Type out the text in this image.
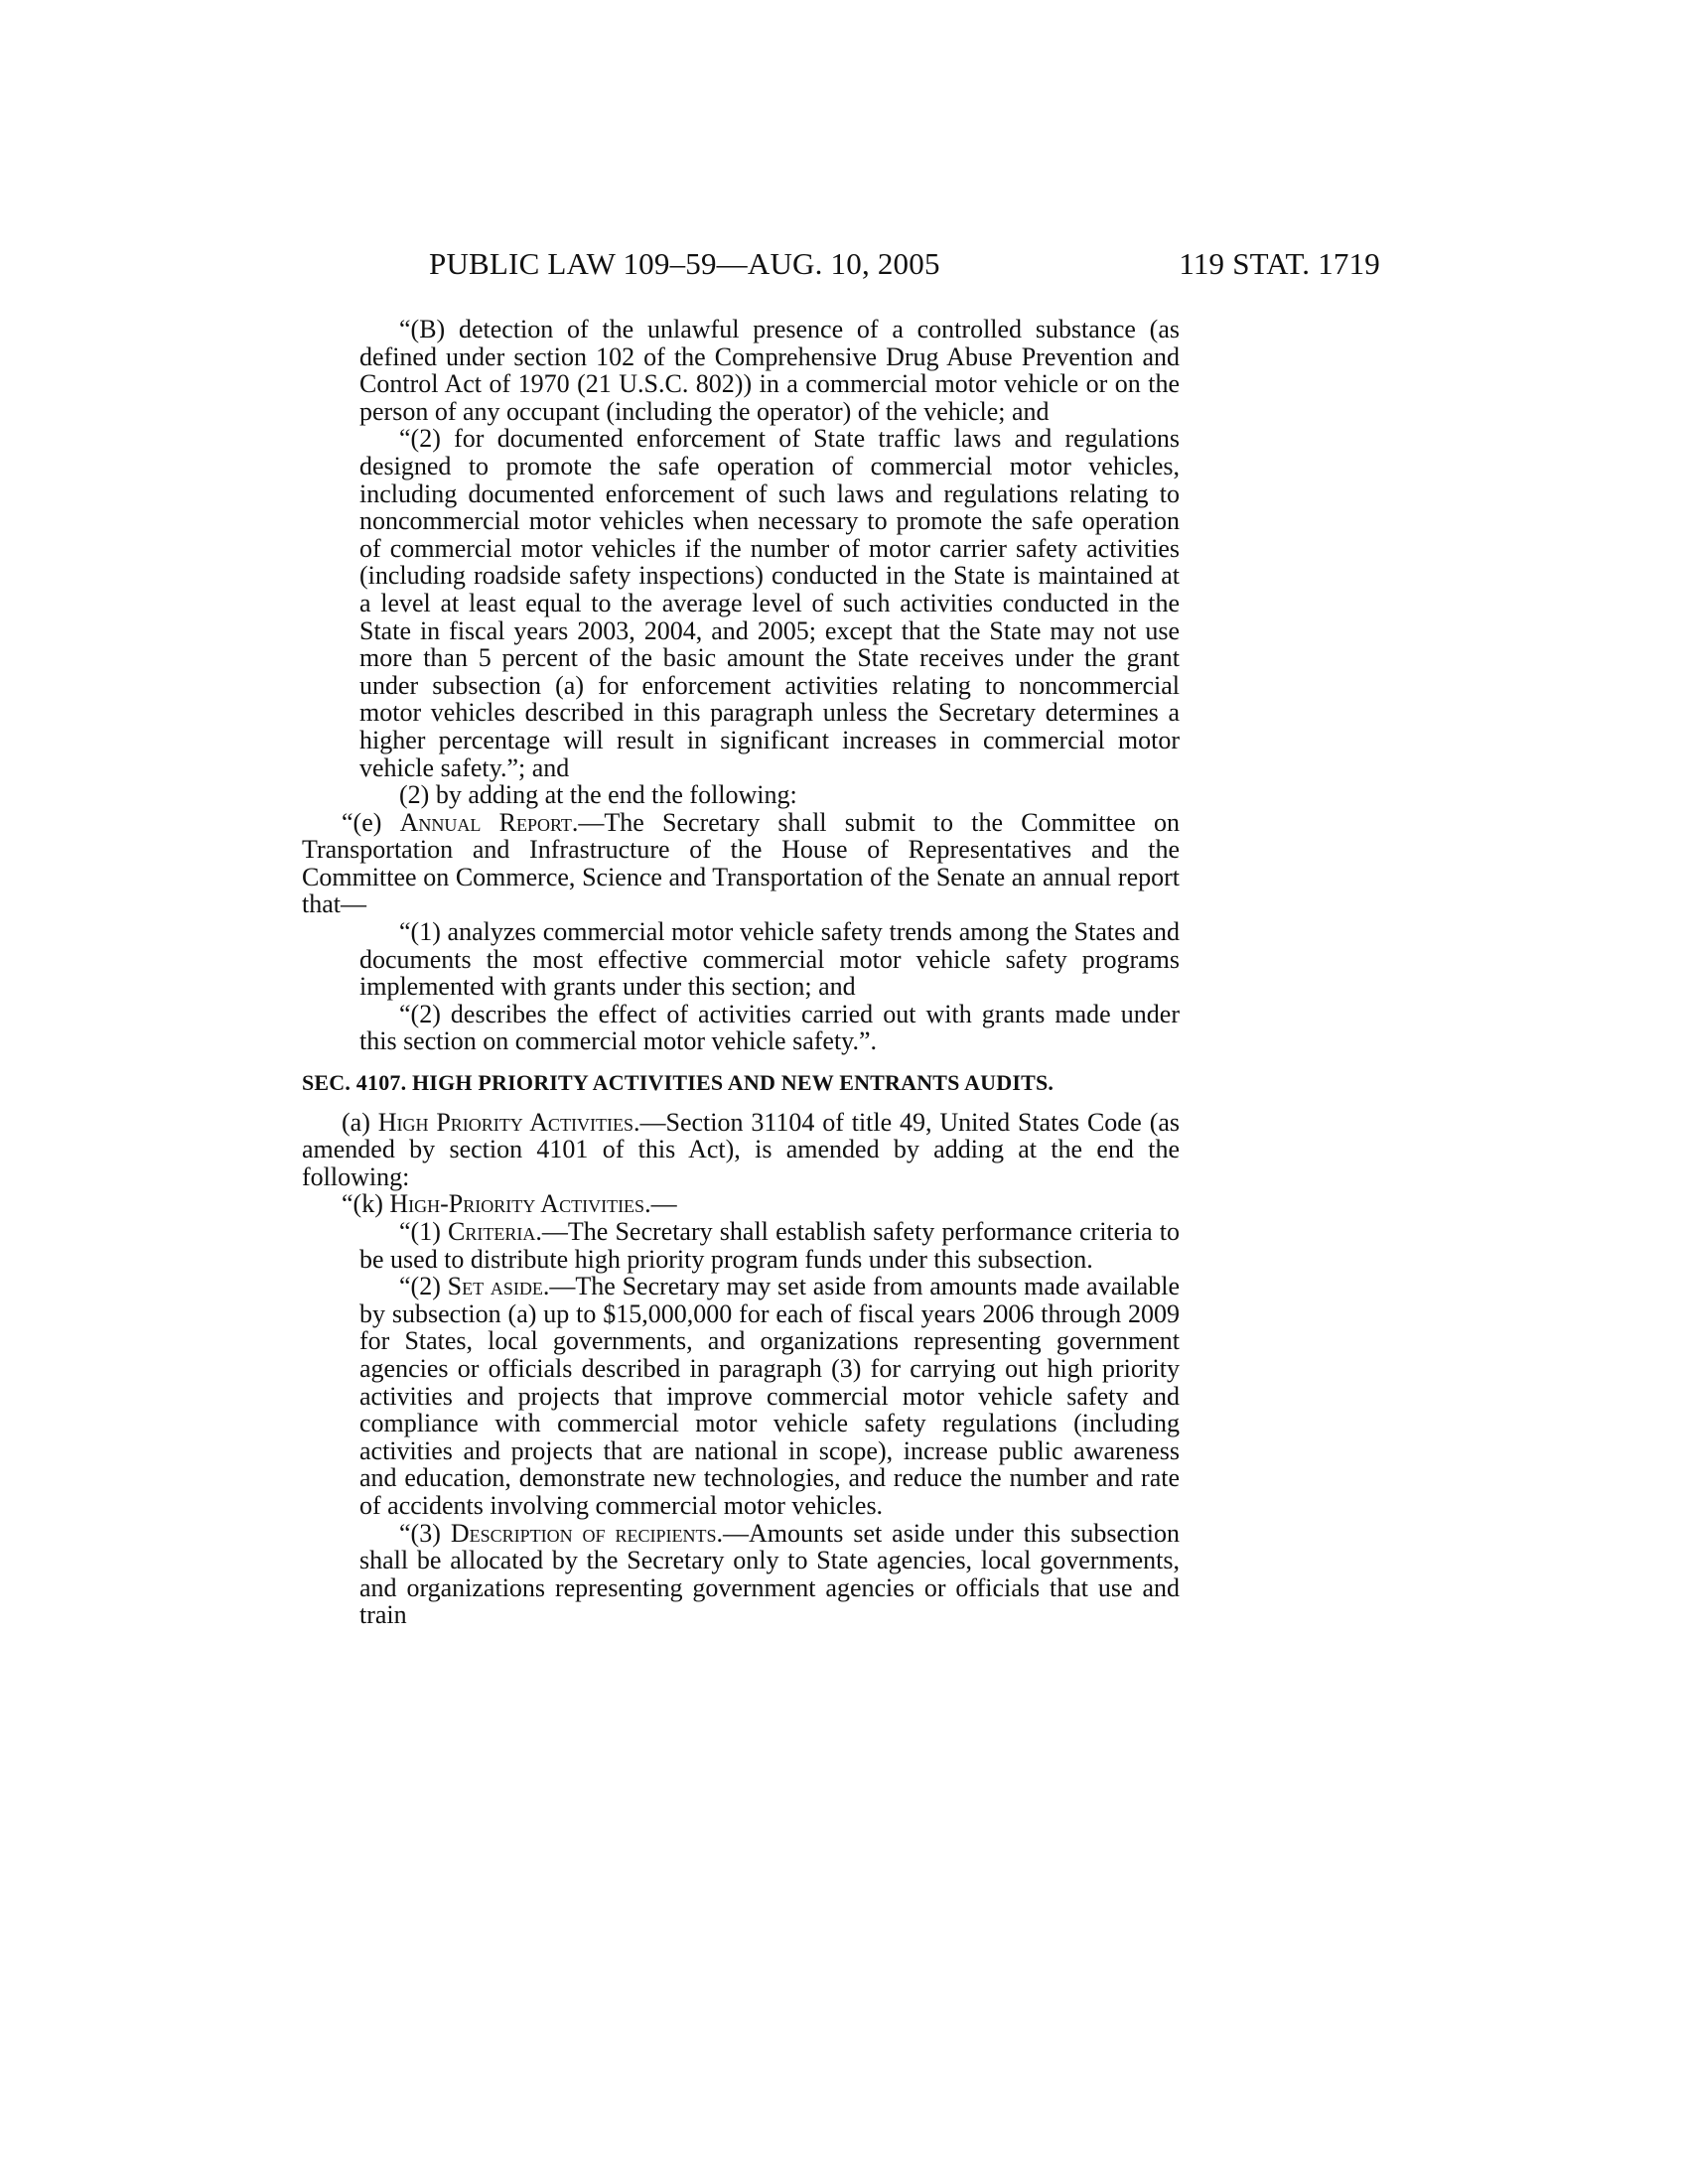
PUBLIC LAW 109–59—AUG. 10, 2005	119 STAT. 1719

“(B) detection of the unlawful presence of a controlled substance (as defined under section 102 of the Comprehensive Drug Abuse Prevention and Control Act of 1970 (21 U.S.C. 802)) in a commercial motor vehicle or on the person of any occupant (including the operator) of the vehicle; and

“(2) for documented enforcement of State traffic laws and regulations designed to promote the safe operation of commercial motor vehicles, including documented enforcement of such laws and regulations relating to noncommercial motor vehicles when necessary to promote the safe operation of commercial motor vehicles if the number of motor carrier safety activities (including roadside safety inspections) conducted in the State is maintained at a level at least equal to the average level of such activities conducted in the State in fiscal years 2003, 2004, and 2005; except that the State may not use more than 5 percent of the basic amount the State receives under the grant under subsection (a) for enforcement activities relating to noncommercial motor vehicles described in this paragraph unless the Secretary determines a higher percentage will result in significant increases in commercial motor vehicle safety.”; and

(2) by adding at the end the following:

“(e) Annual Report.—The Secretary shall submit to the Committee on Transportation and Infrastructure of the House of Representatives and the Committee on Commerce, Science and Transportation of the Senate an annual report that—

“(1) analyzes commercial motor vehicle safety trends among the States and documents the most effective commercial motor vehicle safety programs implemented with grants under this section; and

“(2) describes the effect of activities carried out with grants made under this section on commercial motor vehicle safety.”.

SEC. 4107. HIGH PRIORITY ACTIVITIES AND NEW ENTRANTS AUDITS.

(a) High Priority Activities.—Section 31104 of title 49, United States Code (as amended by section 4101 of this Act), is amended by adding at the end the following:

“(k) High-Priority Activities.—

“(1) Criteria.—The Secretary shall establish safety performance criteria to be used to distribute high priority program funds under this subsection.

“(2) Set aside.—The Secretary may set aside from amounts made available by subsection (a) up to $15,000,000 for each of fiscal years 2006 through 2009 for States, local governments, and organizations representing government agencies or officials described in paragraph (3) for carrying out high priority activities and projects that improve commercial motor vehicle safety and compliance with commercial motor vehicle safety regulations (including activities and projects that are national in scope), increase public awareness and education, demonstrate new technologies, and reduce the number and rate of accidents involving commercial motor vehicles.

“(3) Description of recipients.—Amounts set aside under this subsection shall be allocated by the Secretary only to State agencies, local governments, and organizations representing government agencies or officials that use and train
